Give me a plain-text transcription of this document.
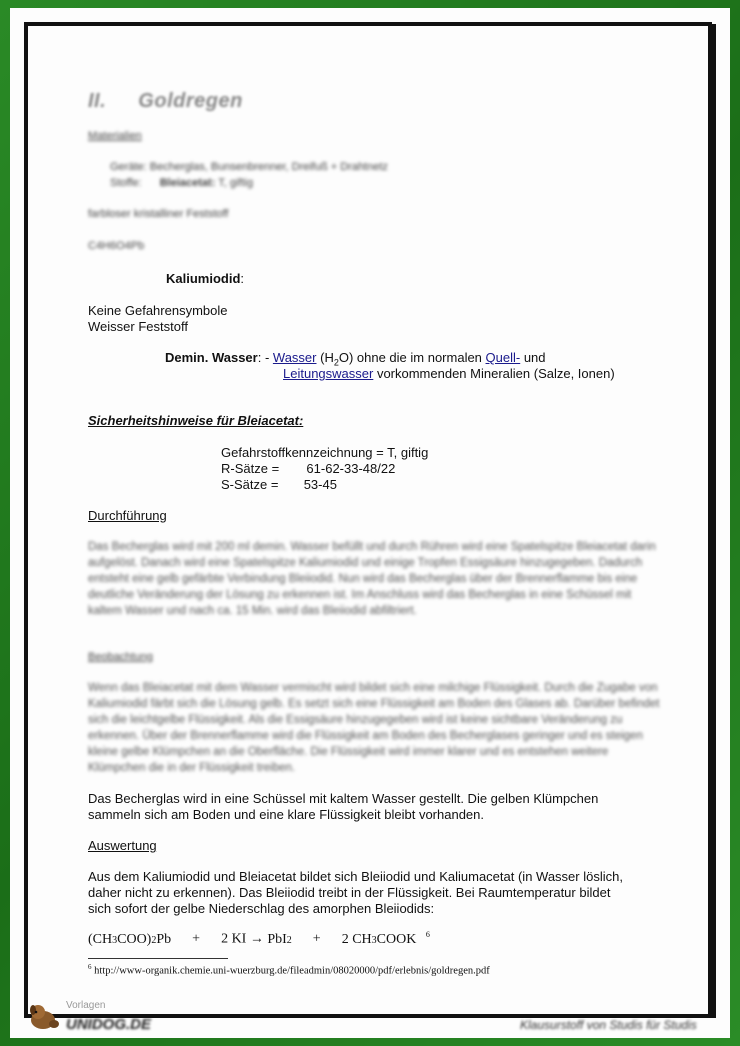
II. Goldregen
Materialien
Geräte: Becherglas, Bunsenbrenner, Dreifuß + Drahtnetz
Stoffe: Bleiacetat: T, giftig
farbloser kristalliner Feststoff
C4H6O4Pb
Kaliumiodid:
Keine Gefahrensymbole
Weisser Feststoff
Demin. Wasser: - Wasser $(H_2O)$ ohne die im normalen Quell- und
Leitungswasser vorkommenden Mineralien (Salze, Ionen)
Sicherheitshinweise für Bleiacetat:
Gefahrstoffkennzeichnung = T, giftig
R-Sätze = 61-62-33-48/22
S-Sätze = 53-45
Durchführung
Das Becherglas wird mit 200 ml demin. Wasser befüllt und durch Rühren wird eine Spatelspitze Bleiacetat darin aufgelöst. Danach wird eine Spatelspitze Kaliumiodid und einige Tropfen Essigsäure hinzugegeben. Dadurch entsteht eine gelb gefärbte Verbindung Bleiiodid. Nun wird das Becherglas über der Brennerflamme bis eine deutliche Veränderung der Lösung zu erkennen ist. Im Anschluss wird das Becherglas in eine Schüssel mit kaltem Wasser und nach ca. 15 Min. wird das Bleiiodid abfiltriert.
Beobachtung
Wenn das Bleiacetat mit dem Wasser vermischt wird bildet sich eine milchige Flüssigkeit. Durch die Zugabe von Kaliumiodid färbt sich die Lösung gelb. Es setzt sich eine Flüssigkeit am Boden des Glases ab. Darüber befindet sich die leichtgelbe Flüssigkeit. Als die Essigsäure hinzugegeben wird ist keine sichtbare Veränderung zu erkennen. Über der Brennerflamme wird die Flüssigkeit am Boden des Becherglases geringer und es steigen kleine gelbe Klümpchen an die Oberfläche. Die Flüssigkeit wird immer klarer und es entstehen weitere Klümpchen die in der Flüssigkeit treiben.
Das Becherglas wird in eine Schüssel mit kaltem Wasser gestellt. Die gelben Klümpchen
sammeln sich am Boden und eine klare Flüssigkeit bleibt vorhanden.
Auswertung
Aus dem Kaliumiodid und Bleiacetat bildet sich Bleiiodid und Kaliumacetat (in Wasser löslich,
daher nicht zu erkennen). Das Bleiiodid treibt in der Flüssigkeit. Bei Raumtemperatur bildet
sich sofort der gelbe Niederschlag des amorphen Bleiiodids:
(CH3COO)2Pb + 2 KI → PbI2 + 2 CH3COOK $^6$
$^6$ http://www-organik.chemie.uni-wuerzburg.de/fileadmin/08020000/pdf/erlebnis/goldregen.pdf
Vorlagen
UNIDOG.DE	Klausurstoff von Studis für Studis
